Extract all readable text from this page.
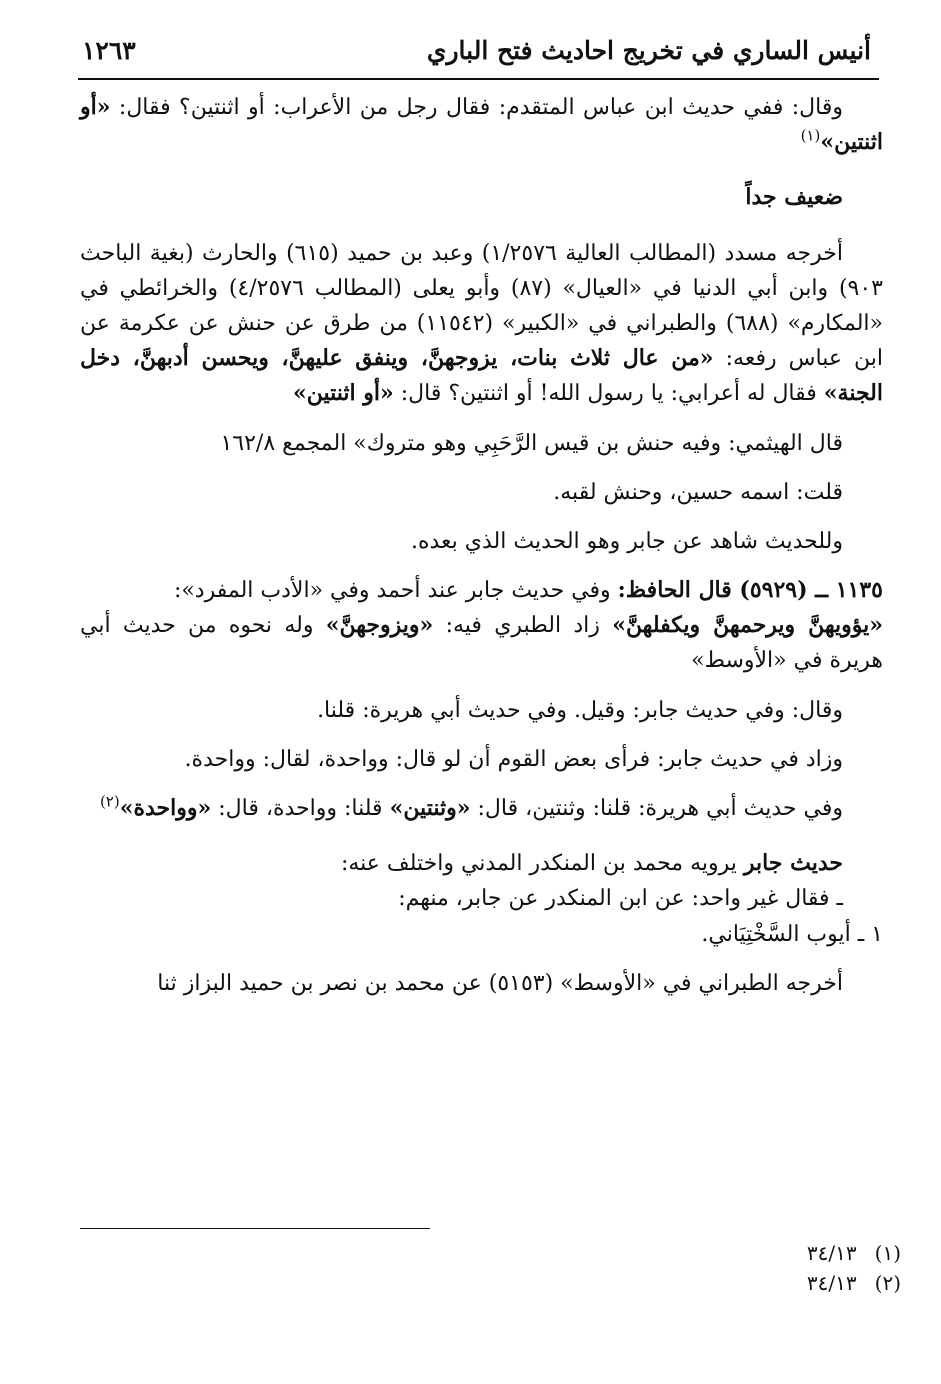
أنيس الساري في تخريج احاديث فتح الباري
١٢٦٣

وقال: ففي حديث ابن عباس المتقدم: فقال رجل من الأعراب: أو اثنتين؟ فقال: «أو اثنتين»$^{(١)}$

ضعيف جداً

أخرجه مسدد (المطالب العالية ١/٢٥٧٦) وعبد بن حميد (٦١٥) والحارث (بغية الباحث ٩٠٣) وابن أبي الدنيا في «العيال» (٨٧) وأبو يعلى (المطالب ٤/٢٥٧٦) والخرائطي في «المكارم» (٦٨٨) والطبراني في «الكبير» (١١٥٤٢) من طرق عن حنش عن عكرمة عن ابن عباس رفعه: «من عال ثلاث بنات، يزوجهنَّ، وينفق عليهنَّ، ويحسن أدبهنَّ، دخل الجنة» فقال له أعرابي: يا رسول الله! أو اثنتين؟ قال: «أو اثنتين»

قال الهيثمي: وفيه حنش بن قيس الرَّحَبِي وهو متروك» المجمع ١٦٢/٨

قلت: اسمه حسين، وحنش لقبه.

وللحديث شاهد عن جابر وهو الحديث الذي بعده.

١١٣٥ ــ (٥٩٢٩) قال الحافظ: وفي حديث جابر عند أحمد وفي «الأدب المفرد»:

«يؤويهنَّ ويرحمهنَّ ويكفلهنَّ» زاد الطبري فيه: «ويزوجهنَّ» وله نحوه من حديث أبي هريرة في «الأوسط»

وقال: وفي حديث جابر: وقيل. وفي حديث أبي هريرة: قلنا.

وزاد في حديث جابر: فرأى بعض القوم أن لو قال: وواحدة، لقال: وواحدة.

وفي حديث أبي هريرة: قلنا: وثنتين، قال: «وثنتين» قلنا: وواحدة، قال: «وواحدة»$^{(٢)}$

حديث جابر يرويه محمد بن المنكدر المدني واختلف عنه:

ـ فقال غير واحد: عن ابن المنكدر عن جابر، منهم:

١ ـ أيوب السَّخْتِيَاني.

أخرجه الطبراني في «الأوسط» (٥١٥٣) عن محمد بن نصر بن حميد البزاز ثنا

(١)
٣٤/١٣
(٢)
٣٤/١٣
